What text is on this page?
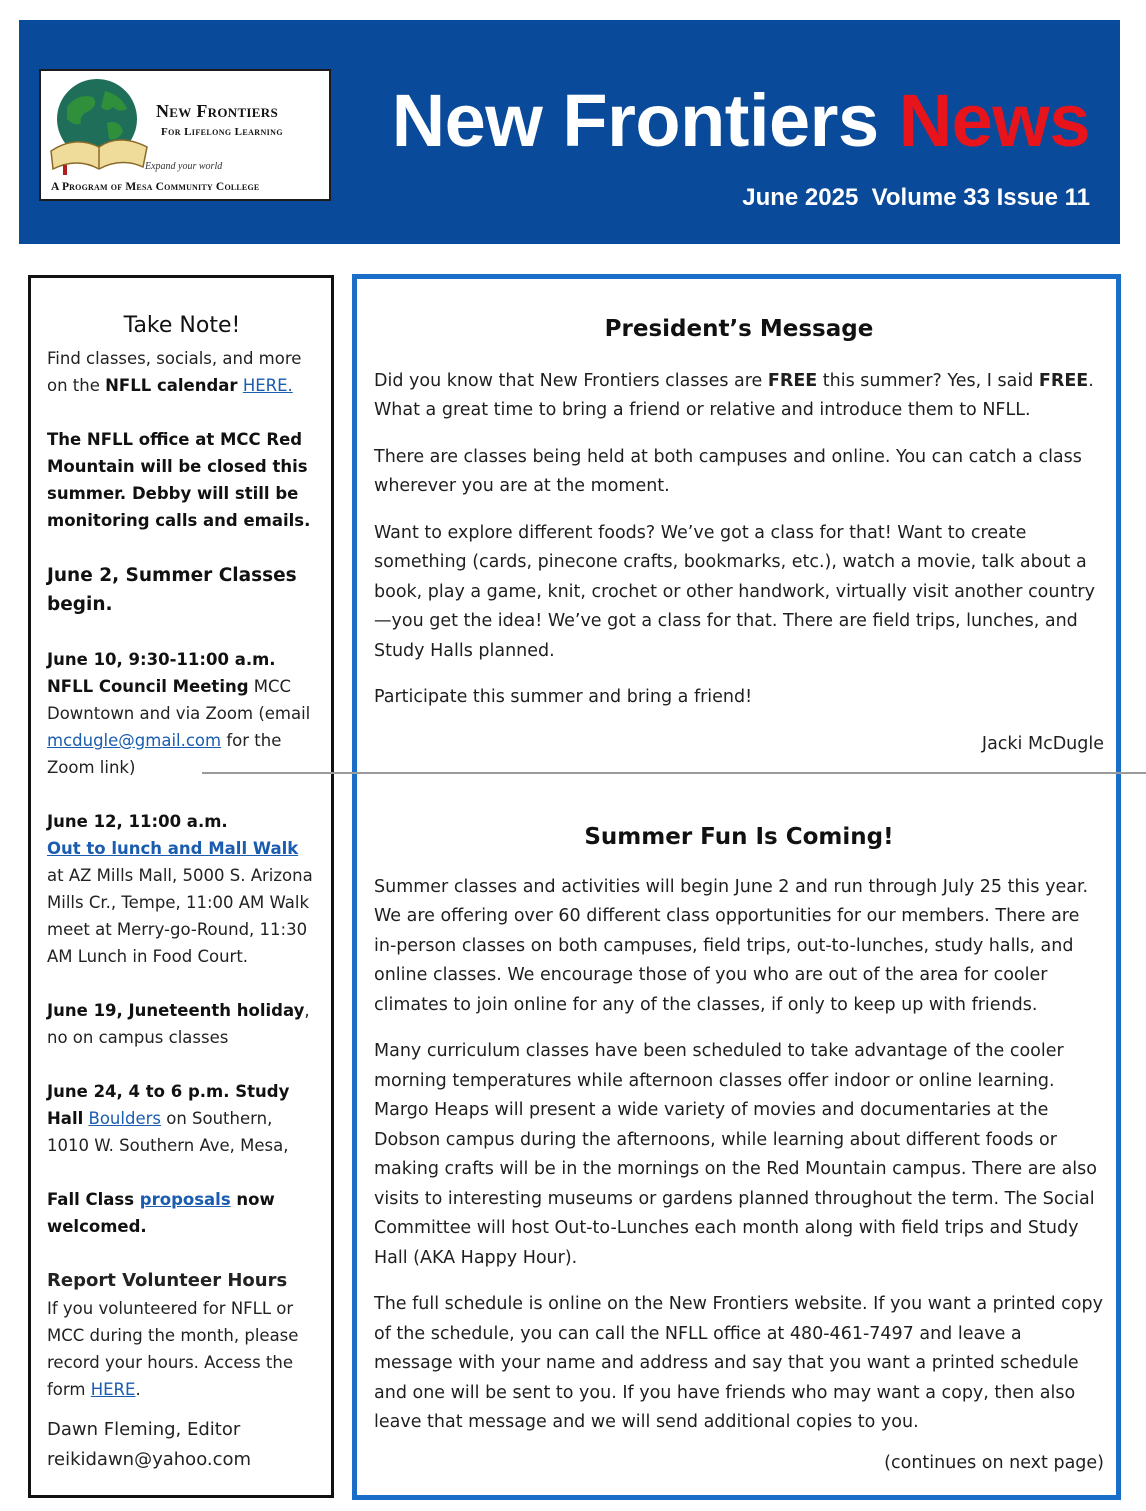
New Frontiers
For Lifelong Learning
Expand your world
A Program of Mesa Community College
New Frontiers News
June 2025  Volume 33 Issue 11
Take Note!

Find classes, socials, and more on the NFLL calendar HERE.

The NFLL office at MCC Red Mountain will be closed this summer. Debby will still be monitoring calls and emails.

June 2, Summer Classes begin.

June 10, 9:30-11:00 a.m.
NFLL Council Meeting MCC Downtown and via Zoom (email mcdugle@gmail.com for the Zoom link)

June 12, 11:00 a.m.
Out to lunch and Mall Walk at AZ Mills Mall, 5000 S. Arizona Mills Cr., Tempe, 11:00 AM Walk meet at Merry-go-Round, 11:30 AM Lunch in Food Court.

June 19, Juneteenth holiday, no on campus classes

June 24, 4 to 6 p.m. Study Hall Boulders on Southern, 1010 W. Southern Ave, Mesa,

Fall Class proposals now welcomed.

Report Volunteer Hours

If you volunteered for NFLL or MCC during the month, please record your hours. Access the form HERE.

Dawn Fleming, Editor

reikidawn@yahoo.com

President’s Message

Did you know that New Frontiers classes are FREE this summer? Yes, I said FREE. What a great time to bring a friend or relative and introduce them to NFLL.

There are classes being held at both campuses and online. You can catch a class wherever you are at the moment.

Want to explore different foods? We’ve got a class for that! Want to create something (cards, pinecone crafts, bookmarks, etc.), watch a movie, talk about a book, play a game, knit, crochet or other handwork, virtually visit another country—you get the idea! We’ve got a class for that. There are field trips, lunches, and Study Halls planned.

Participate this summer and bring a friend!

Jacki McDugle

Summer Fun Is Coming!

Summer classes and activities will begin June 2 and run through July 25 this year. We are offering over 60 different class opportunities for our members. There are in-person classes on both campuses, field trips, out-to-lunches, study halls, and online classes. We encourage those of you who are out of the area for cooler climates to join online for any of the classes, if only to keep up with friends.

Many curriculum classes have been scheduled to take advantage of the cooler morning temperatures while afternoon classes offer indoor or online learning. Margo Heaps will present a wide variety of movies and documentaries at the Dobson campus during the afternoons, while learning about different foods or making crafts will be in the mornings on the Red Mountain campus. There are also visits to interesting museums or gardens planned throughout the term. The Social Committee will host Out-to-Lunches each month along with field trips and Study Hall (AKA Happy Hour).

The full schedule is online on the New Frontiers website. If you want a printed copy of the schedule, you can call the NFLL office at 480-461-7497 and leave a message with your name and address and say that you want a printed schedule and one will be sent to you. If you have friends who may want a copy, then also leave that message and we will send additional copies to you.

(continues on next page)
